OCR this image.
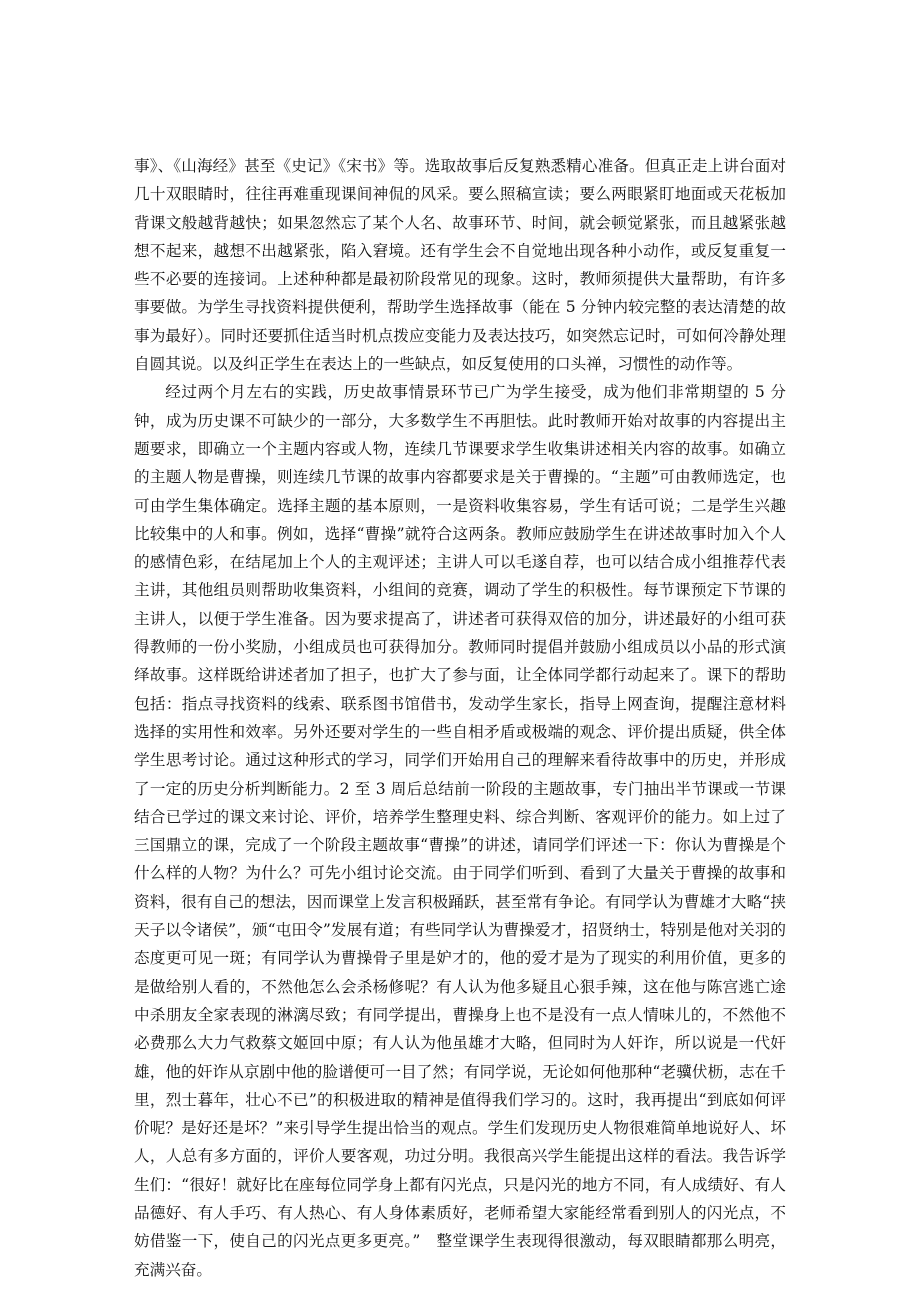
事》、《山海经》甚至《史记》《宋书》等。选取故事后反复熟悉精心准备。但真正走上讲台面对几十双眼睛时，往往再难重现课间神侃的风采。要么照稿宣读；要么两眼紧盯地面或天花板加背课文般越背越快；如果忽然忘了某个人名、故事环节、时间，就会顿觉紧张，而且越紧张越想不起来，越想不出越紧张，陷入窘境。还有学生会不自觉地出现各种小动作，或反复重复一些不必要的连接词。上述种种都是最初阶段常见的现象。这时，教师须提供大量帮助，有许多事要做。为学生寻找资料提供便利，帮助学生选择故事（能在 5 分钟内较完整的表达清楚的故事为最好）。同时还要抓住适当时机点拨应变能力及表达技巧，如突然忘记时，可如何冷静处理自圆其说。以及纠正学生在表达上的一些缺点，如反复使用的口头禅，习惯性的动作等。

经过两个月左右的实践，历史故事情景环节已广为学生接受，成为他们非常期望的 5 分钟，成为历史课不可缺少的一部分，大多数学生不再胆怯。此时教师开始对故事的内容提出主题要求，即确立一个主题内容或人物，连续几节课要求学生收集讲述相关内容的故事。如确立的主题人物是曹操，则连续几节课的故事内容都要求是关于曹操的。“主题”可由教师选定，也可由学生集体确定。选择主题的基本原则，一是资料收集容易，学生有话可说；二是学生兴趣比较集中的人和事。例如，选择“曹操”就符合这两条。教师应鼓励学生在讲述故事时加入个人的感情色彩，在结尾加上个人的主观评述；主讲人可以毛遂自荐，也可以结合成小组推荐代表主讲，其他组员则帮助收集资料，小组间的竞赛，调动了学生的积极性。每节课预定下节课的主讲人，以便于学生准备。因为要求提高了，讲述者可获得双倍的加分，讲述最好的小组可获得教师的一份小奖励，小组成员也可获得加分。教师同时提倡并鼓励小组成员以小品的形式演绎故事。这样既给讲述者加了担子，也扩大了参与面，让全体同学都行动起来了。课下的帮助包括：指点寻找资料的线索、联系图书馆借书，发动学生家长，指导上网查询，提醒注意材料选择的实用性和效率。另外还要对学生的一些自相矛盾或极端的观念、评价提出质疑，供全体学生思考讨论。通过这种形式的学习，同学们开始用自己的理解来看待故事中的历史，并形成了一定的历史分析判断能力。2 至 3 周后总结前一阶段的主题故事，专门抽出半节课或一节课结合已学过的课文来讨论、评价，培养学生整理史料、综合判断、客观评价的能力。如上过了三国鼎立的课，完成了一个阶段主题故事“曹操”的讲述，请同学们评述一下：你认为曹操是个什么样的人物？为什么？可先小组讨论交流。由于同学们听到、看到了大量关于曹操的故事和资料，很有自己的想法，因而课堂上发言积极踊跃，甚至常有争论。有同学认为曹雄才大略“挟天子以令诸侯”，颁“屯田令”发展有道；有些同学认为曹操爱才，招贤纳士，特别是他对关羽的态度更可见一斑；有同学认为曹操骨子里是妒才的，他的爱才是为了现实的利用价值，更多的是做给别人看的，不然他怎么会杀杨修呢？有人认为他多疑且心狠手辣，这在他与陈宫逃亡途中杀朋友全家表现的淋漓尽致；有同学提出，曹操身上也不是没有一点人情味儿的，不然他不必费那么大力气救蔡文姬回中原；有人认为他虽雄才大略，但同时为人奸诈，所以说是一代奸雄，他的奸诈从京剧中他的脸谱便可一目了然；有同学说，无论如何他那种“老骥伏枥，志在千里，烈士暮年，壮心不已”的积极进取的精神是值得我们学习的。这时，我再提出“到底如何评价呢？是好还是坏？”来引导学生提出恰当的观点。学生们发现历史人物很难简单地说好人、坏人，人总有多方面的，评价人要客观，功过分明。我很高兴学生能提出这样的看法。我告诉学生们：“很好！就好比在座每位同学身上都有闪光点，只是闪光的地方不同，有人成绩好、有人品德好、有人手巧、有人热心、有人身体素质好，老师希望大家能经常看到别人的闪光点，不妨借鉴一下，使自己的闪光点更多更亮。”　整堂课学生表现得很激动，每双眼睛都那么明亮，充满兴奋。
